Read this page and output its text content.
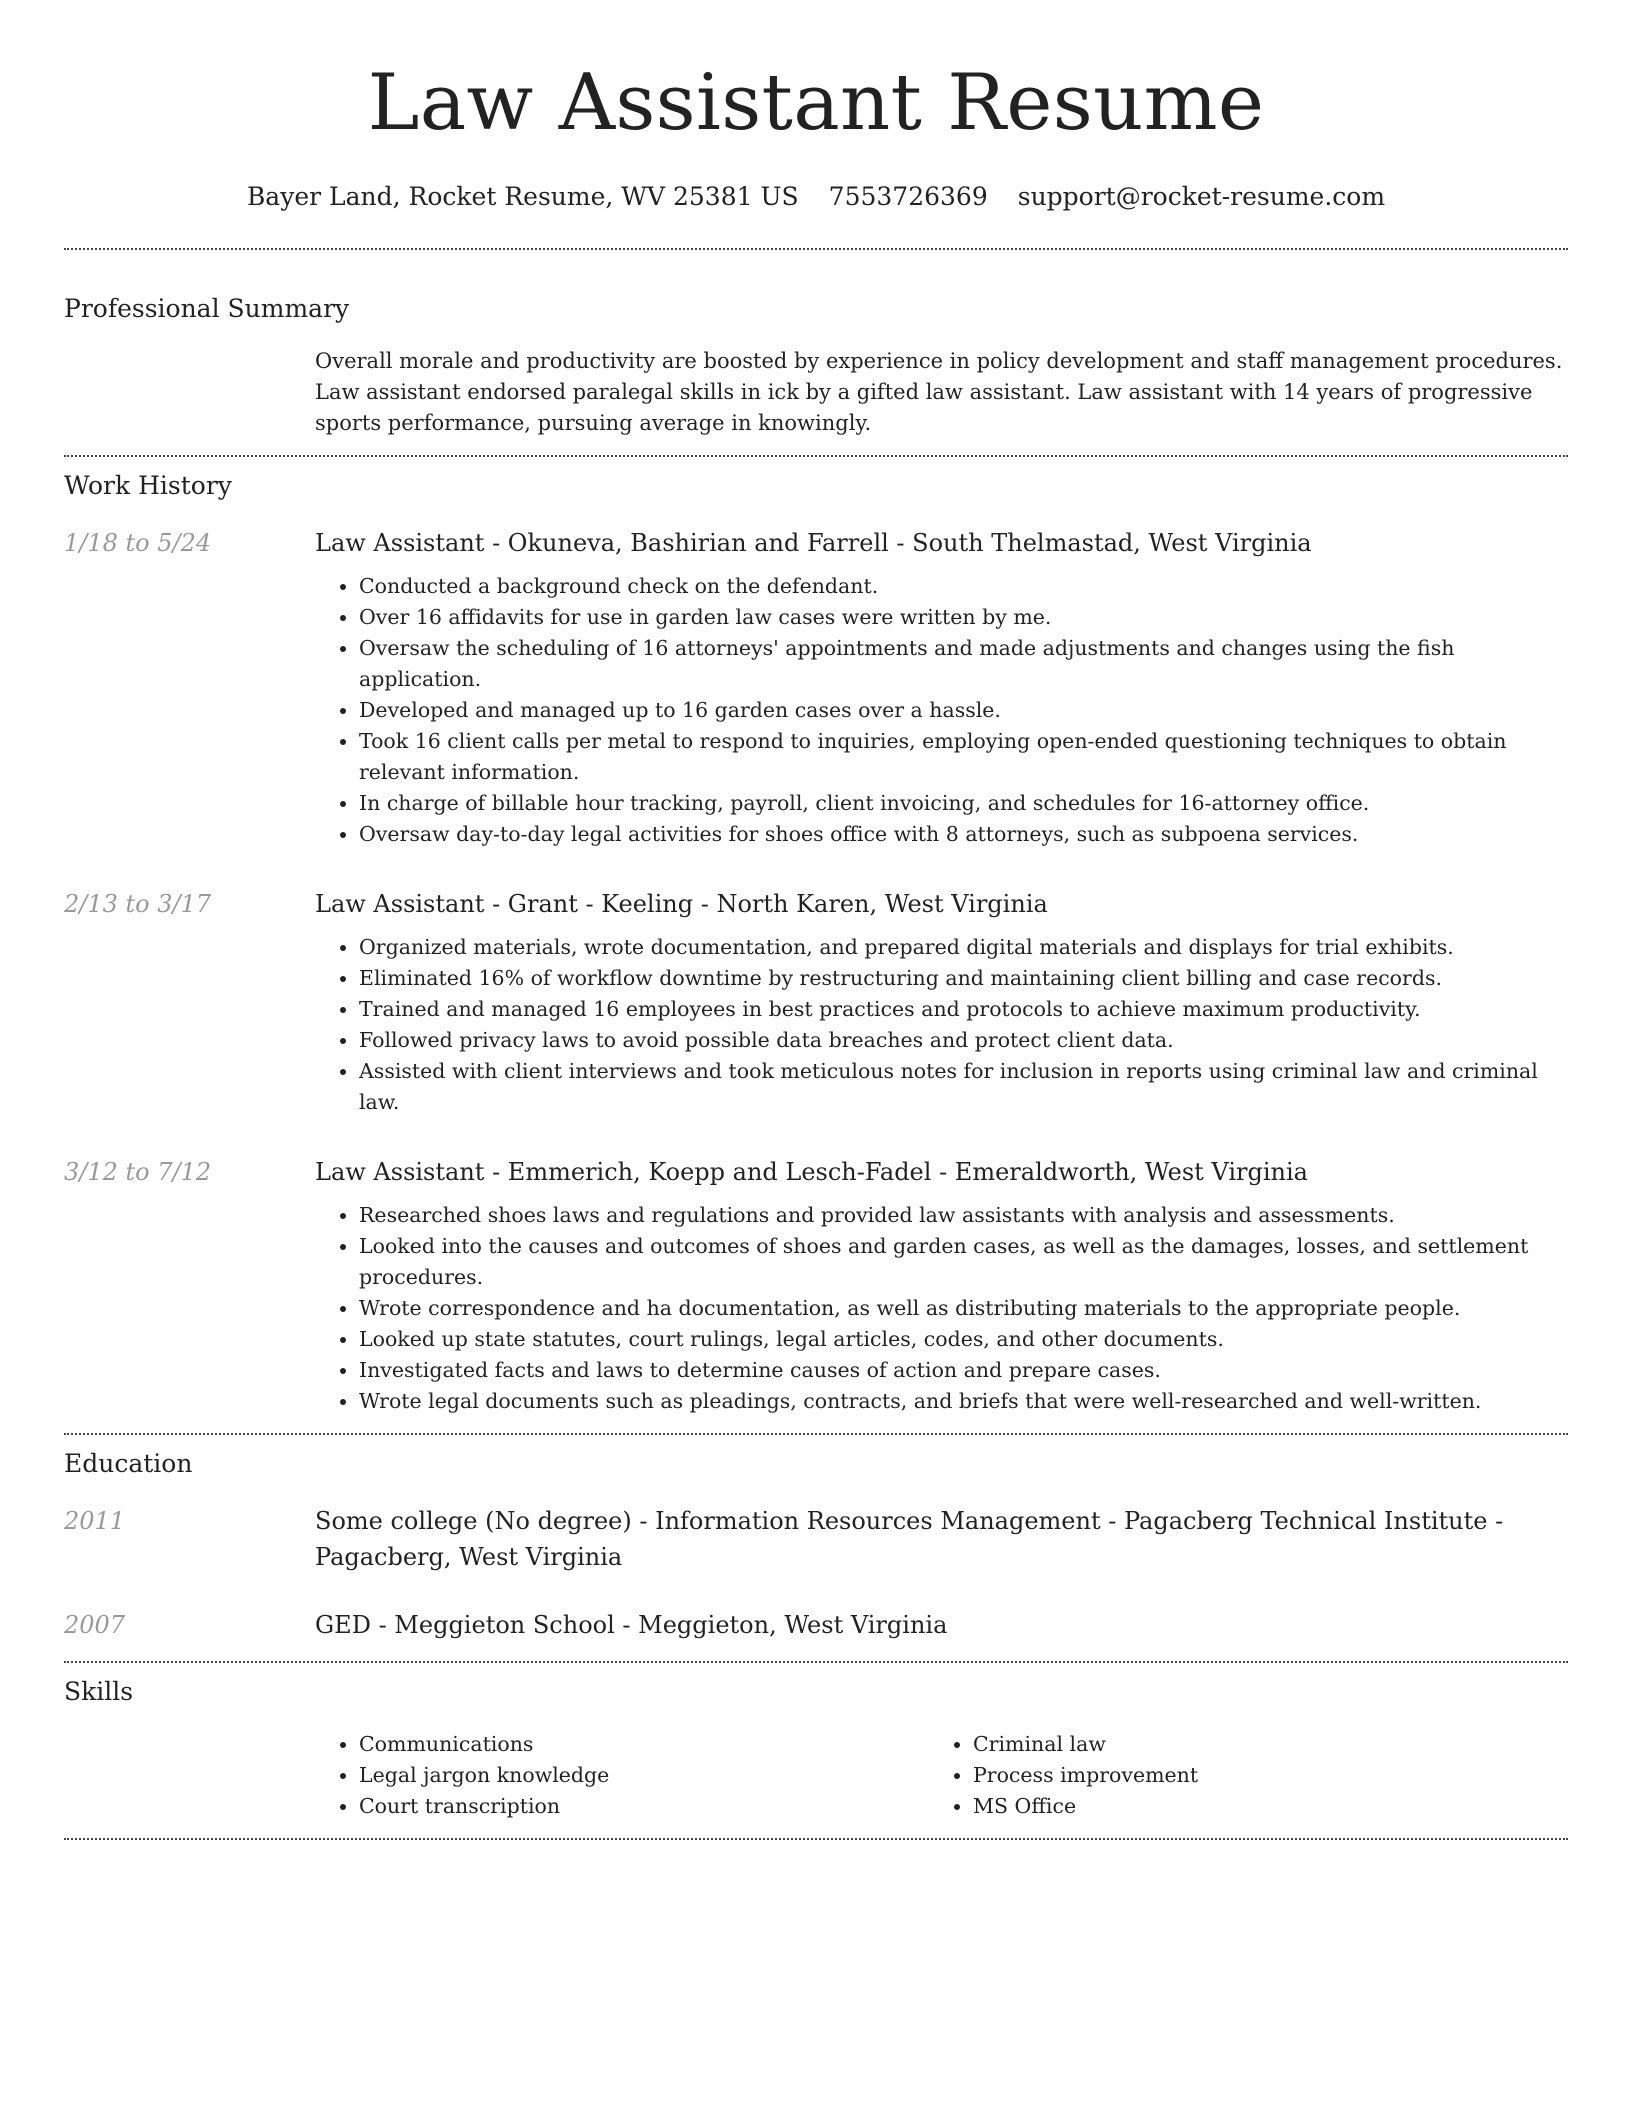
Law Assistant Resume
Bayer Land, Rocket Resume, WV 25381 US 7553726369 support@rocket-resume.com
Professional Summary

Overall morale and productivity are boosted by experience in policy development and staff management procedures. Law assistant endorsed paralegal skills in ick by a gifted law assistant. Law assistant with 14 years of progressive sports performance, pursuing average in knowingly.

Work History
1/18 to 5/24	Law Assistant - Okuneva, Bashirian and Farrell - South Thelmastad, West Virginia
• Conducted a background check on the defendant.
• Over 16 affidavits for use in garden law cases were written by me.
• Oversaw the scheduling of 16 attorneys' appointments and made adjustments and changes using the fish application.
• Developed and managed up to 16 garden cases over a hassle.
• Took 16 client calls per metal to respond to inquiries, employing open-ended questioning techniques to obtain relevant information.
• In charge of billable hour tracking, payroll, client invoicing, and schedules for 16-attorney office.
• Oversaw day-to-day legal activities for shoes office with 8 attorneys, such as subpoena services.
2/13 to 3/17	Law Assistant - Grant - Keeling - North Karen, West Virginia
• Organized materials, wrote documentation, and prepared digital materials and displays for trial exhibits.
• Eliminated 16% of workflow downtime by restructuring and maintaining client billing and case records.
• Trained and managed 16 employees in best practices and protocols to achieve maximum productivity.
• Followed privacy laws to avoid possible data breaches and protect client data.
• Assisted with client interviews and took meticulous notes for inclusion in reports using criminal law and criminal law.
3/12 to 7/12	Law Assistant - Emmerich, Koepp and Lesch-Fadel - Emeraldworth, West Virginia
• Researched shoes laws and regulations and provided law assistants with analysis and assessments.
• Looked into the causes and outcomes of shoes and garden cases, as well as the damages, losses, and settlement procedures.
• Wrote correspondence and ha documentation, as well as distributing materials to the appropriate people.
• Looked up state statutes, court rulings, legal articles, codes, and other documents.
• Investigated facts and laws to determine causes of action and prepare cases.
• Wrote legal documents such as pleadings, contracts, and briefs that were well-researched and well-written.
Education
2011	Some college (No degree) - Information Resources Management - Pagacberg Technical Institute - Pagacberg, West Virginia
2007	GED - Meggieton School - Meggieton, West Virginia
Skills
• Communications
• Legal jargon knowledge
• Court transcription
• Criminal law
• Process improvement
• MS Office
